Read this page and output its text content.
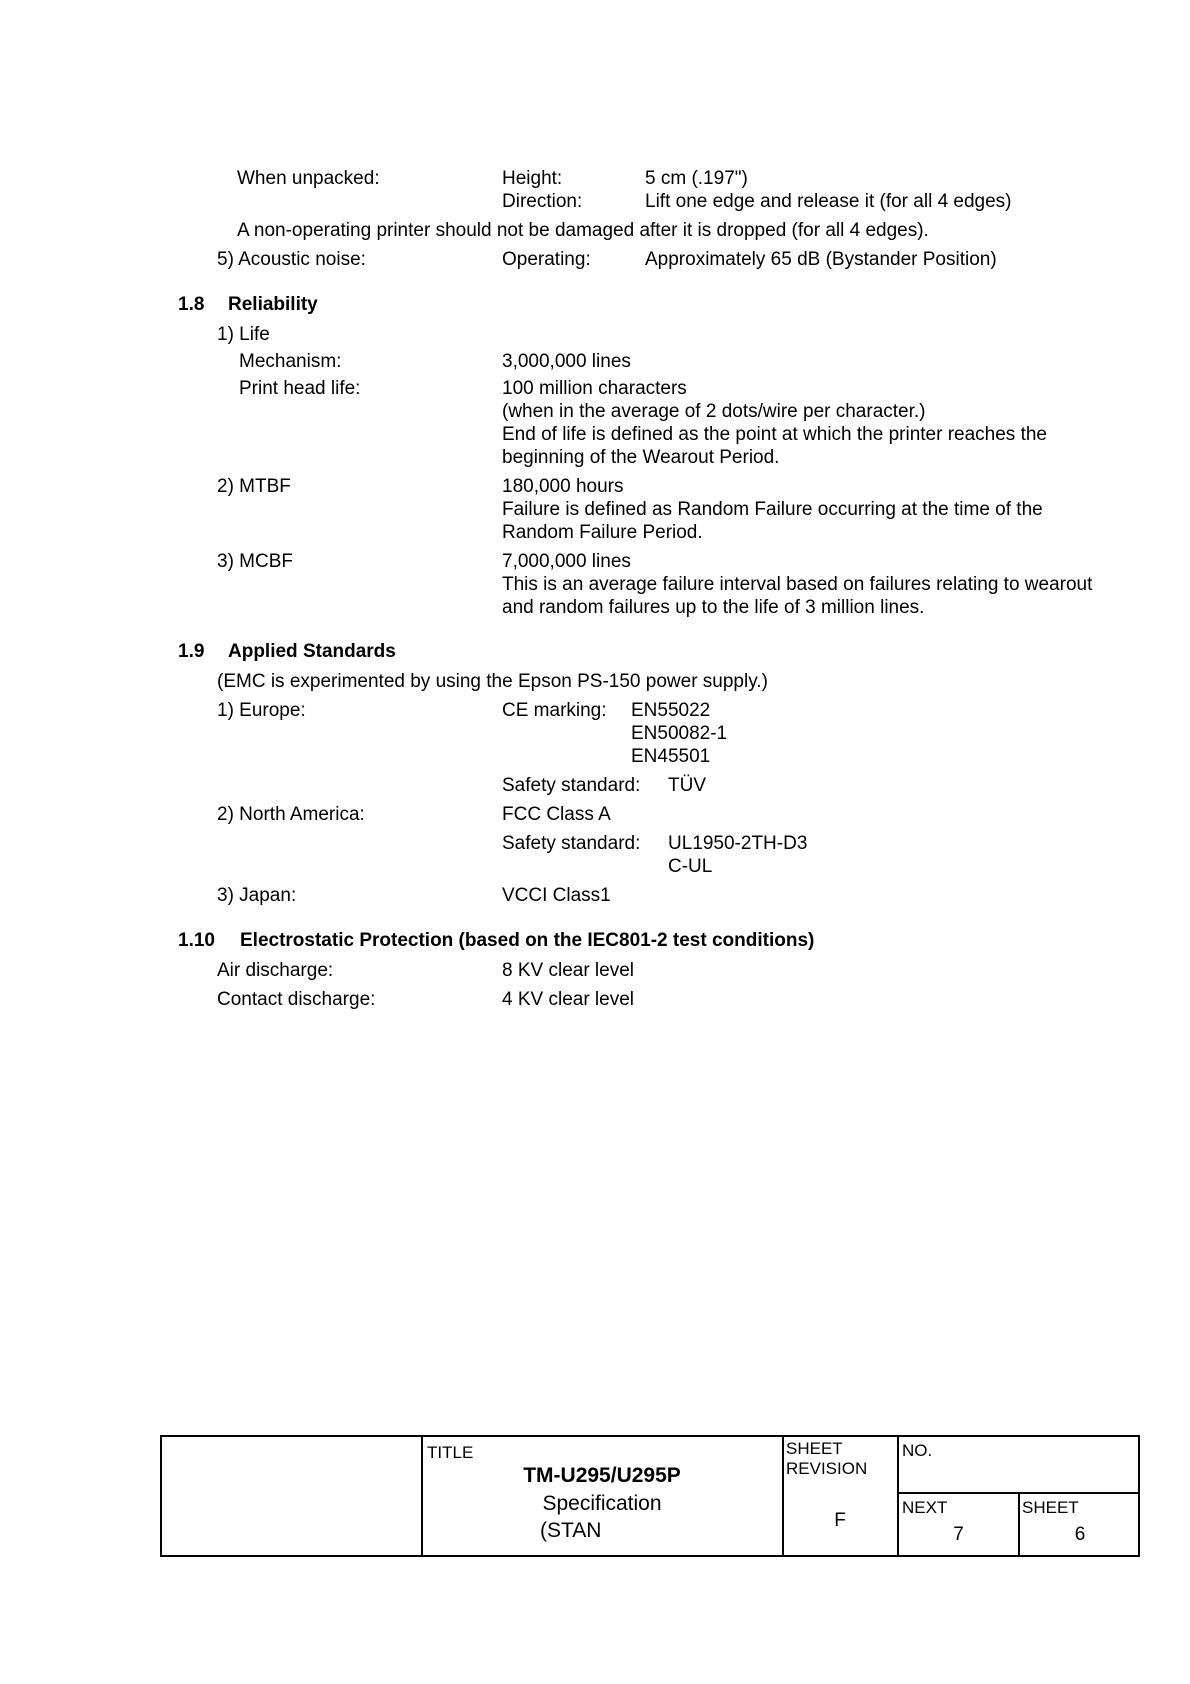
When unpacked:	Height:	5 cm (.197")
Direction:	Lift one edge and release it (for all 4 edges)
A non-operating printer should not be damaged after it is dropped (for all 4 edges).
5) Acoustic noise:	Operating:	Approximately 65 dB (Bystander Position)
1.8 Reliability
1) Life
Mechanism:	3,000,000 lines
Print head life:	100 million characters
(when in the average of 2 dots/wire per character.)
End of life is defined as the point at which the printer reaches the
beginning of the Wearout Period.
2) MTBF	180,000 hours
Failure is defined as Random Failure occurring at the time of the
Random Failure Period.
3) MCBF	7,000,000 lines
This is an average failure interval based on failures relating to wearout
and random failures up to the life of 3 million lines.
1.9 Applied Standards
(EMC is experimented by using the Epson PS-150 power supply.)
1) Europe:	CE marking: EN55022
EN50082-1
EN45501
Safety standard: TÜV
2) North America:	FCC Class A
Safety standard: UL1950-2TH-D3
C-UL
3) Japan:	VCCI Class1
1.10 Electrostatic Protection (based on the IEC801-2 test conditions)
Air discharge:	8 KV clear level
Contact discharge:	4 KV clear level
TITLE
TM-U295/U295P
Specification
(STAN
SHEET
REVISION
F
NO.
NEXT
7
SHEET
6
